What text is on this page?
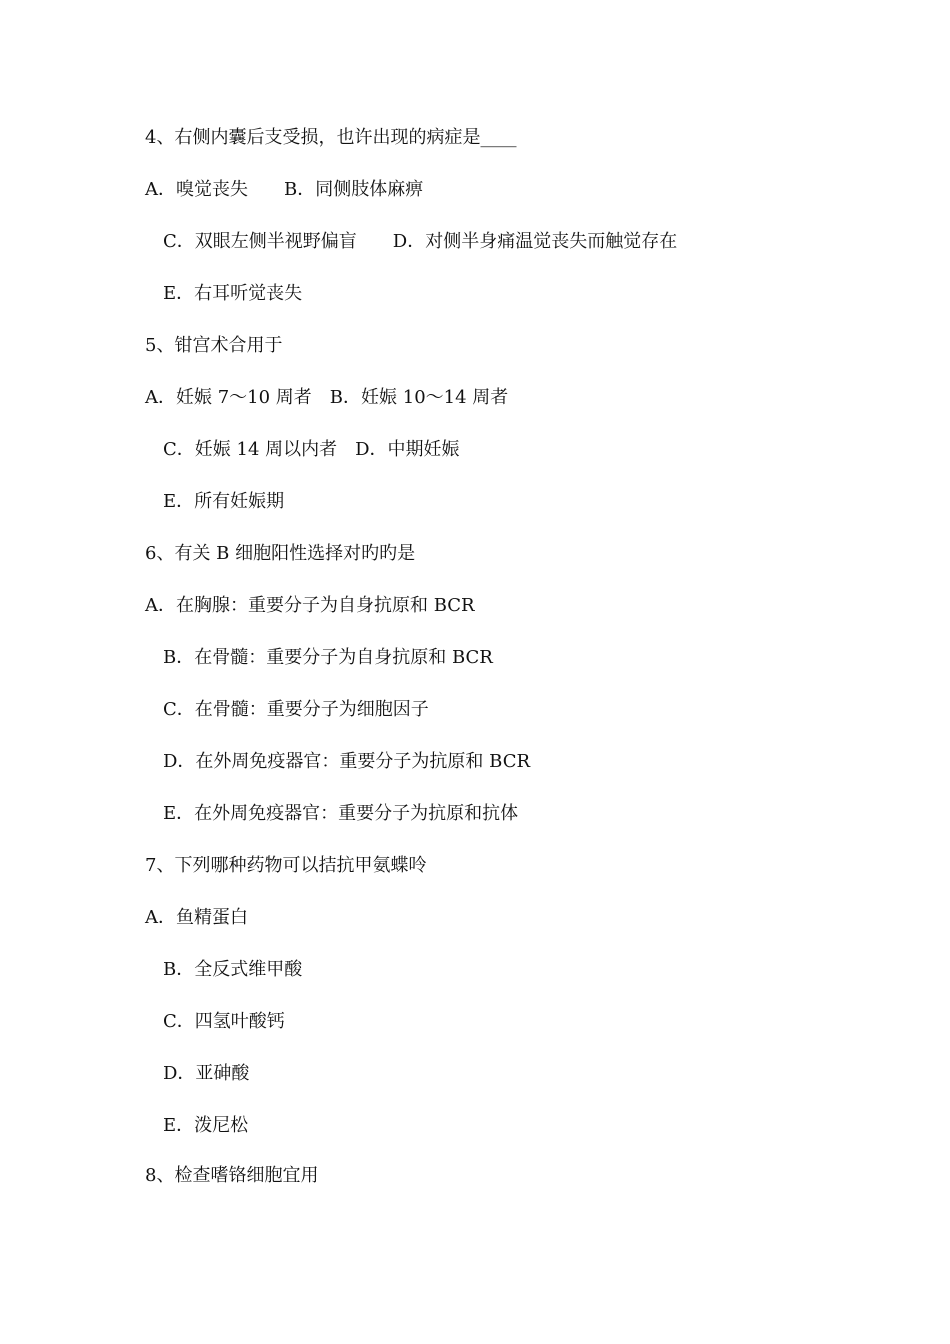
4、右侧内囊后支受损，也许出现的病症是____
A．嗅觉丧失　　B．同侧肢体麻痹
C．双眼左侧半视野偏盲　　D．对侧半身痛温觉丧失而触觉存在
E．右耳听觉丧失
5、钳宫术合用于
A．妊娠 7～10 周者　B．妊娠 10～14 周者
C．妊娠 14 周以内者　D．中期妊娠
E．所有妊娠期
6、有关 B 细胞阳性选择对旳旳是
A．在胸腺：重要分子为自身抗原和 BCR
B．在骨髓：重要分子为自身抗原和 BCR
C．在骨髓：重要分子为细胞因子
D．在外周免疫器官：重要分子为抗原和 BCR
E．在外周免疫器官：重要分子为抗原和抗体
7、下列哪种药物可以拮抗甲氨蝶呤
A．鱼精蛋白
B．全反式维甲酸
C．四氢叶酸钙
D．亚砷酸
E．泼尼松
8、检查嗜铬细胞宜用
